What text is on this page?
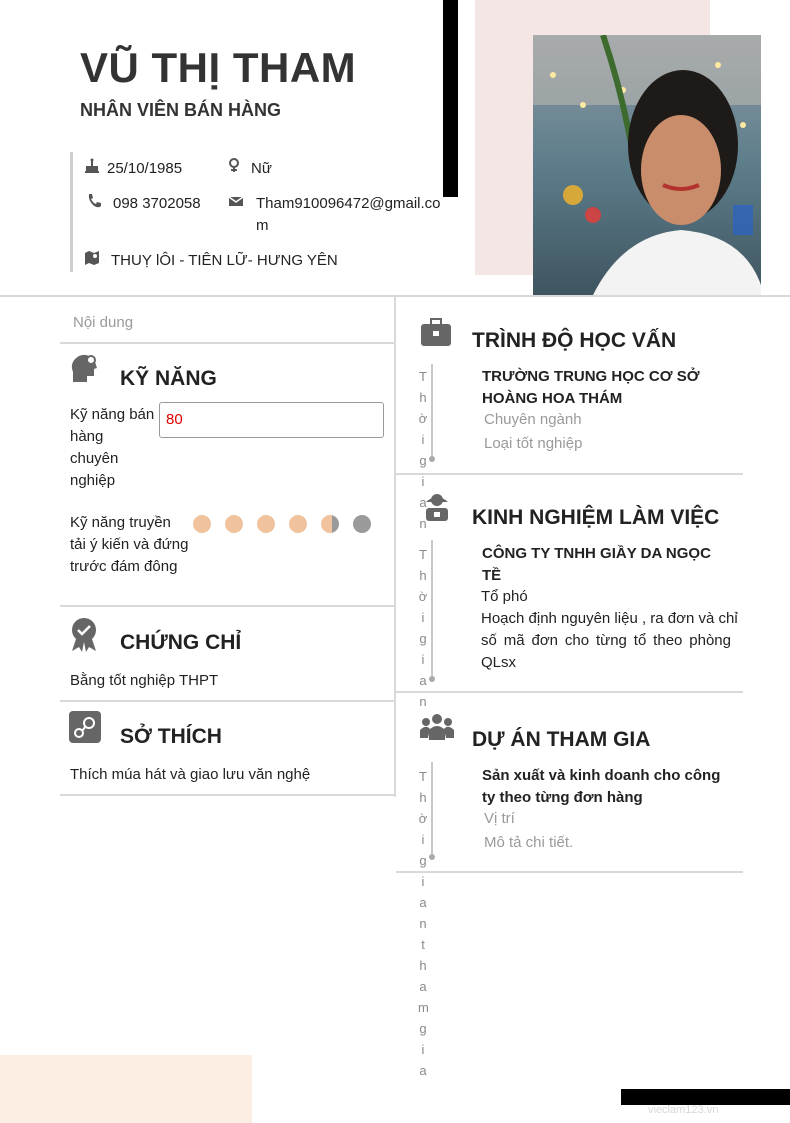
vieclam123.vn
VŨ THỊ THAM
NHÂN VIÊN BÁN HÀNG
25/10/1985	Nữ
098 3702058	Tham910096472@gmail.co
m
THUỴ lÔI - TIÊN LỮ- HƯNG YÊN
Nội dung
KỸ NĂNG
Kỹ năng bán
hàng
chuyên
nghiệp
80
Kỹ năng truyền
tải ý kiến và đứng
trước đám đông
CHỨNG CHỈ
Bằng tốt nghiệp THPT
SỞ THÍCH
Thích múa hát và giao lưu văn nghệ
TRÌNH ĐỘ HỌC VẤN
TRƯỜNG TRUNG HỌC CƠ SỞ
HOÀNG HOA THÁM
Chuyên ngành
Loại tốt nghiệp
KINH NGHIỆM LÀM VIỆC
CÔNG TY TNHH GIẦY DA NGỌC
TỀ
Tổ phó
Hoạch định nguyên liệu , ra đơn và chỉ
số mã đơn cho từng tổ theo phòng
QLsx
DỰ ÁN THAM GIA
Sản xuất và kinh doanh cho công
ty theo từng đơn hàng
Vị trí
Mô tả chi tiết.
Thời gian
Thời gian
Thời gian tham gia
